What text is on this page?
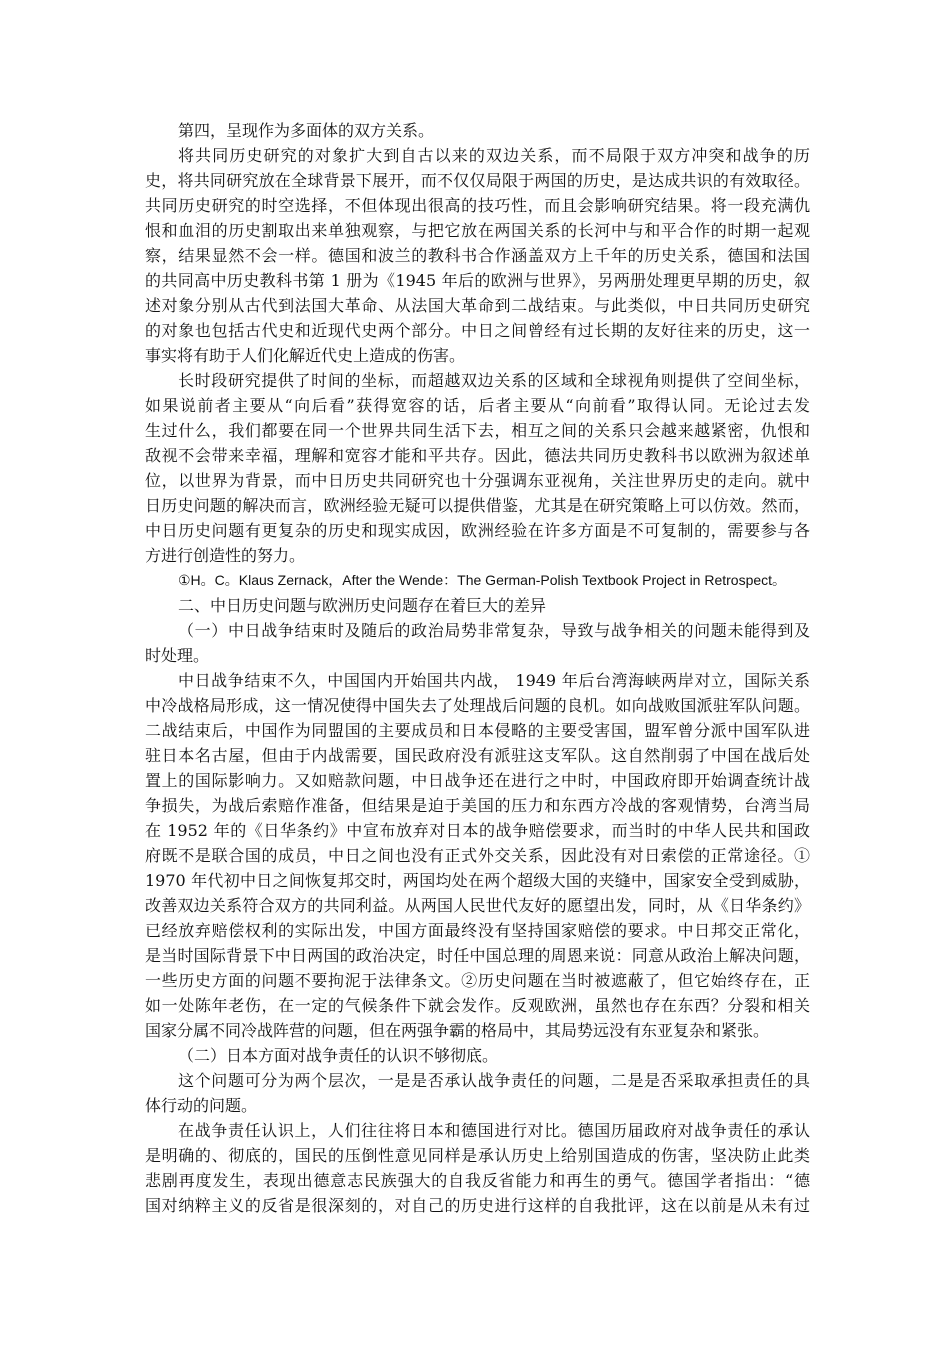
第四，呈现作为多面体的双方关系。
将共同历史研究的对象扩大到自古以来的双边关系，而不局限于双方冲突和战争的历
史，将共同研究放在全球背景下展开，而不仅仅局限于两国的历史，是达成共识的有效取径。
共同历史研究的时空选择，不但体现出很高的技巧性，而且会影响研究结果。将一段充满仇
恨和血泪的历史割取出来单独观察，与把它放在两国关系的长河中与和平合作的时期一起观
察，结果显然不会一样。德国和波兰的教科书合作涵盖双方上千年的历史关系，德国和法国
的共同高中历史教科书第 1 册为《1945 年后的欧洲与世界》，另两册处理更早期的历史，叙
述对象分别从古代到法国大革命、从法国大革命到二战结束。与此类似，中日共同历史研究
的对象也包括古代史和近现代史两个部分。中日之间曾经有过长期的友好往来的历史，这一
事实将有助于人们化解近代史上造成的伤害。
长时段研究提供了时间的坐标，而超越双边关系的区域和全球视角则提供了空间坐标，
如果说前者主要从“向后看”获得宽容的话，后者主要从“向前看”取得认同。无论过去发
生过什么，我们都要在同一个世界共同生活下去，相互之间的关系只会越来越紧密，仇恨和
敌视不会带来幸福，理解和宽容才能和平共存。因此，德法共同历史教科书以欧洲为叙述单
位，以世界为背景，而中日历史共同研究也十分强调东亚视角，关注世界历史的走向。就中
日历史问题的解决而言，欧洲经验无疑可以提供借鉴，尤其是在研究策略上可以仿效。然而，
中日历史问题有更复杂的历史和现实成因，欧洲经验在许多方面是不可复制的，需要参与各
方进行创造性的努力。
①H。C。Klaus Zernack，After the Wende：The German-Polish Textbook Project in Retrospect。
二、中日历史问题与欧洲历史问题存在着巨大的差异
（一）中日战争结束时及随后的政治局势非常复杂，导致与战争相关的问题未能得到及
时处理。
中日战争结束不久，中国国内开始国共内战， 1949 年后台湾海峡两岸对立，国际关系
中冷战格局形成，这一情况使得中国失去了处理战后问题的良机。如向战败国派驻军队问题。
二战结束后，中国作为同盟国的主要成员和日本侵略的主要受害国，盟军曾分派中国军队进
驻日本名古屋，但由于内战需要，国民政府没有派驻这支军队。这自然削弱了中国在战后处
置上的国际影响力。又如赔款问题，中日战争还在进行之中时，中国政府即开始调查统计战
争损失，为战后索赔作准备，但结果是迫于美国的压力和东西方冷战的客观情势，台湾当局
在 1952 年的《日华条约》中宣布放弃对日本的战争赔偿要求，而当时的中华人民共和国政
府既不是联合国的成员，中日之间也没有正式外交关系，因此没有对日索偿的正常途径。①
1970 年代初中日之间恢复邦交时，两国均处在两个超级大国的夹缝中，国家安全受到威胁，
改善双边关系符合双方的共同利益。从两国人民世代友好的愿望出发，同时，从《日华条约》
已经放弃赔偿权利的实际出发，中国方面最终没有坚持国家赔偿的要求。中日邦交正常化，
是当时国际背景下中日两国的政治决定，时任中国总理的周恩来说：同意从政治上解决问题，
一些历史方面的问题不要拘泥于法律条文。②历史问题在当时被遮蔽了，但它始终存在，正
如一处陈年老伤，在一定的气候条件下就会发作。反观欧洲，虽然也存在东西？分裂和相关
国家分属不同冷战阵营的问题，但在两强争霸的格局中，其局势远没有东亚复杂和紧张。
（二）日本方面对战争责任的认识不够彻底。
这个问题可分为两个层次，一是是否承认战争责任的问题，二是是否采取承担责任的具
体行动的问题。
在战争责任认识上，人们往往将日本和德国进行对比。德国历届政府对战争责任的承认
是明确的、彻底的，国民的压倒性意见同样是承认历史上给别国造成的伤害，坚决防止此类
悲剧再度发生，表现出德意志民族强大的自我反省能力和再生的勇气。德国学者指出：“德
国对纳粹主义的反省是很深刻的，对自己的历史进行这样的自我批评，这在以前是从未有过
